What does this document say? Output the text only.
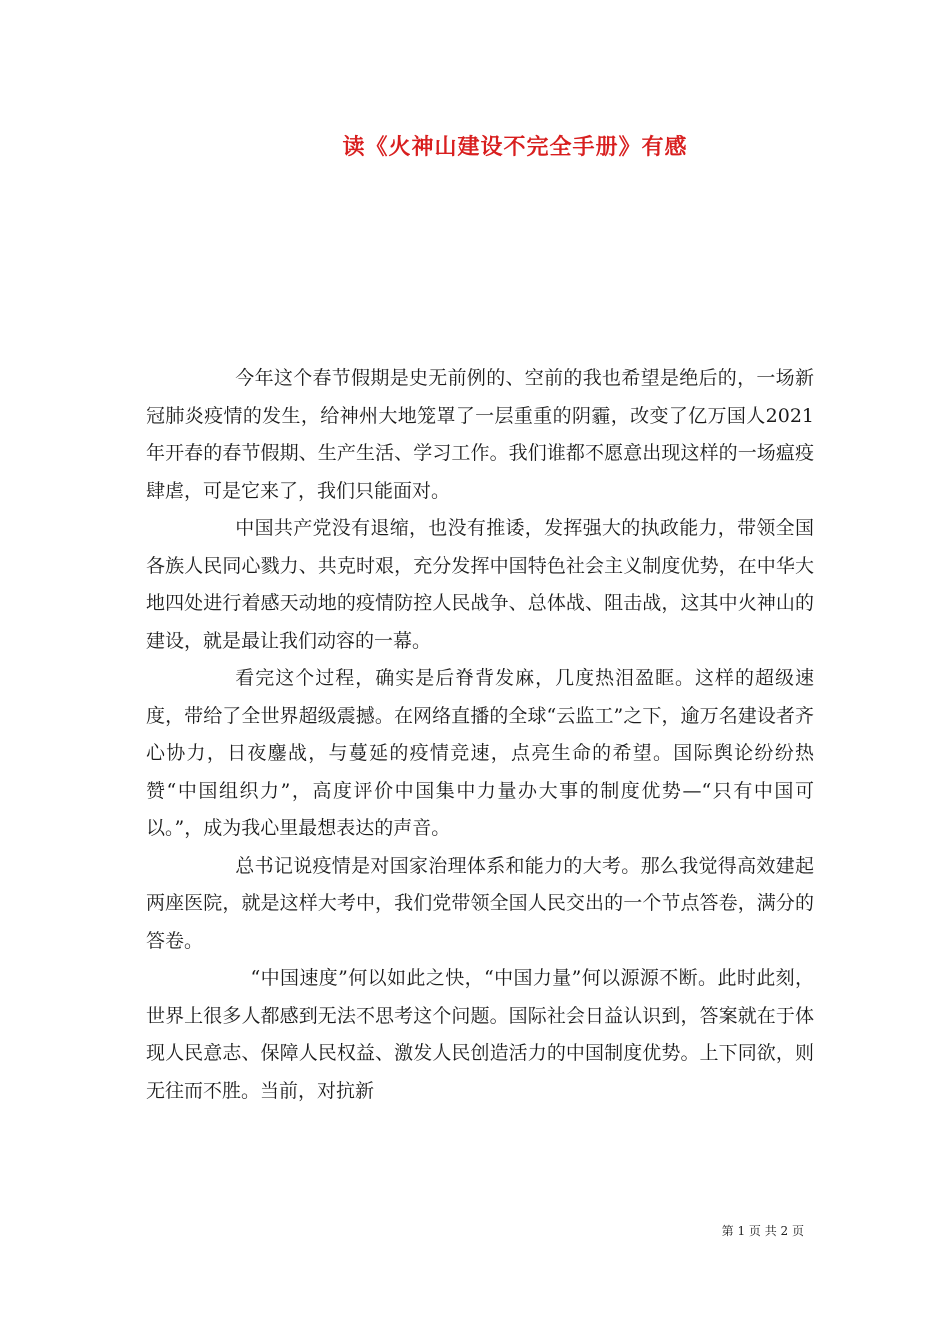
读《火神山建设不完全手册》有感

今年这个春节假期是史无前例的、空前的我也希望是绝后的，一场新冠肺炎疫情的发生，给神州大地笼罩了一层重重的阴霾，改变了亿万国人2021年开春的春节假期、生产生活、学习工作。我们谁都不愿意出现这样的一场瘟疫肆虐，可是它来了，我们只能面对。

中国共产党没有退缩，也没有推诿，发挥强大的执政能力，带领全国各族人民同心戮力、共克时艰，充分发挥中国特色社会主义制度优势，在中华大地四处进行着感天动地的疫情防控人民战争、总体战、阻击战，这其中火神山的建设，就是最让我们动容的一幕。

看完这个过程，确实是后脊背发麻，几度热泪盈眶。这样的超级速度，带给了全世界超级震撼。在网络直播的全球“云监工”之下，逾万名建设者齐心协力，日夜鏖战，与蔓延的疫情竞速，点亮生命的希望。国际舆论纷纷热赞“中国组织力”，高度评价中国集中力量办大事的制度优势—“只有中国可以。”，成为我心里最想表达的声音。

总书记说疫情是对国家治理体系和能力的大考。那么我觉得高效建起两座医院，就是这样大考中，我们党带领全国人民交出的一个节点答卷，满分的答卷。

“中国速度”何以如此之快，“中国力量”何以源源不断。此时此刻，世界上很多人都感到无法不思考这个问题。国际社会日益认识到，答案就在于体现人民意志、保障人民权益、激发人民创造活力的中国制度优势。上下同欲，则无往而不胜。当前，对抗新

第 1 页 共 2 页
